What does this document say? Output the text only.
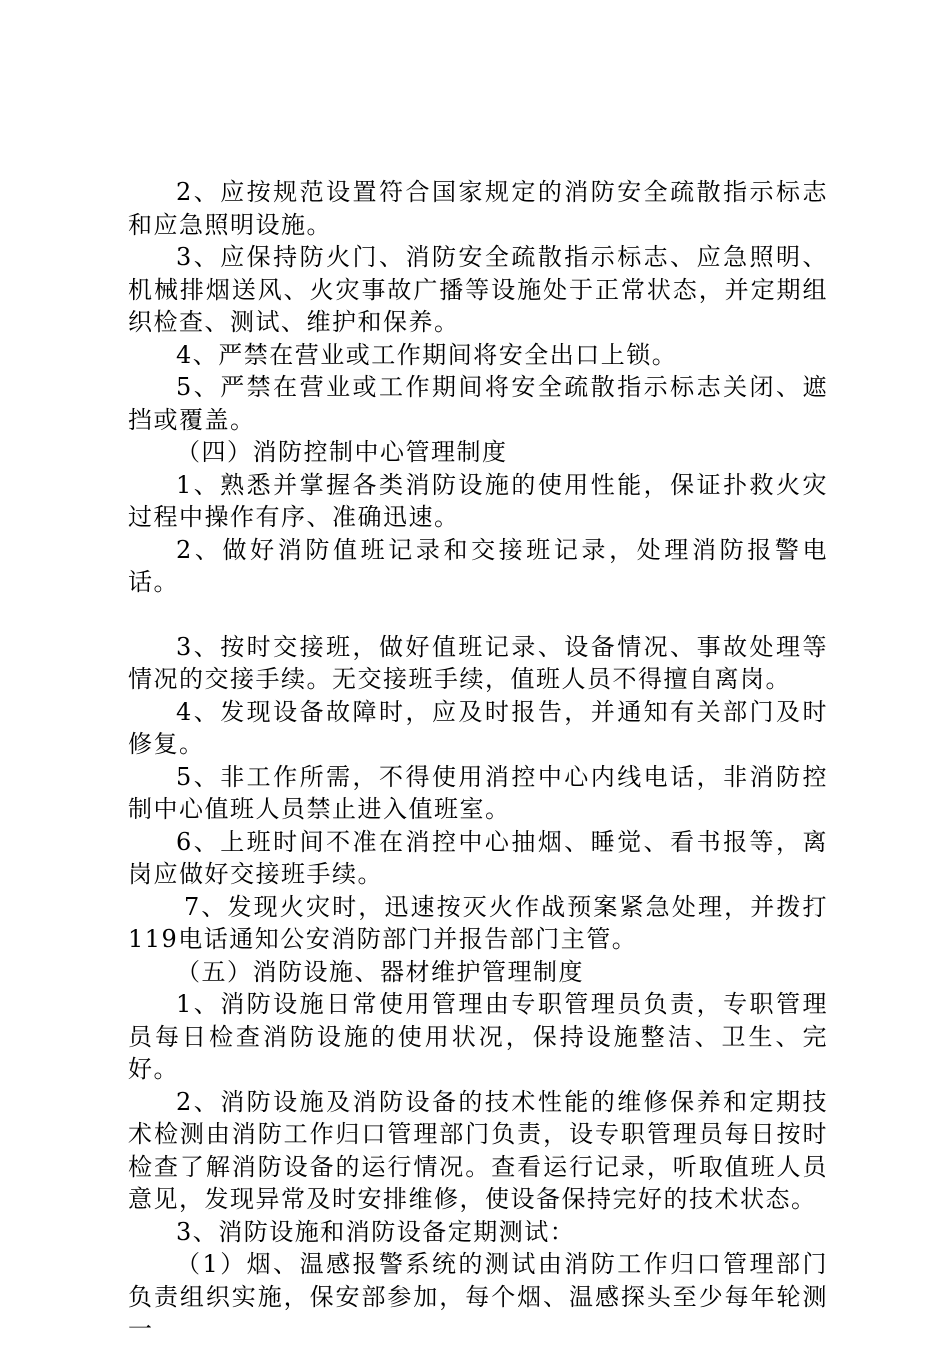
2、应按规范设置符合国家规定的消防安全疏散指示标志和应急照明设施。

3、应保持防火门、消防安全疏散指示标志、应急照明、机械排烟送风、火灾事故广播等设施处于正常状态，并定期组织检查、测试、维护和保养。

4、严禁在营业或工作期间将安全出口上锁。

5、严禁在营业或工作期间将安全疏散指示标志关闭、遮挡或覆盖。

（四）消防控制中心管理制度

1、熟悉并掌握各类消防设施的使用性能，保证扑救火灾过程中操作有序、准确迅速。

2、做好消防值班记录和交接班记录，处理消防报警电话。

3、按时交接班，做好值班记录、设备情况、事故处理等情况的交接手续。无交接班手续，值班人员不得擅自离岗。

4、发现设备故障时，应及时报告，并通知有关部门及时修复。

5、非工作所需，不得使用消控中心内线电话，非消防控制中心值班人员禁止进入值班室。

6、上班时间不准在消控中心抽烟、睡觉、看书报等，离岗应做好交接班手续。

7、发现火灾时，迅速按灭火作战预案紧急处理，并拨打119电话通知公安消防部门并报告部门主管。

（五）消防设施、器材维护管理制度

1、消防设施日常使用管理由专职管理员负责，专职管理员每日检查消防设施的使用状况，保持设施整洁、卫生、完好。

2、消防设施及消防设备的技术性能的维修保养和定期技术检测由消防工作归口管理部门负责，设专职管理员每日按时检查了解消防设备的运行情况。查看运行记录，听取值班人员意见，发现异常及时安排维修，使设备保持完好的技术状态。

3、消防设施和消防设备定期测试：

（1）烟、温感报警系统的测试由消防工作归口管理部门负责组织实施，保安部参加，每个烟、温感探头至少每年轮测一
